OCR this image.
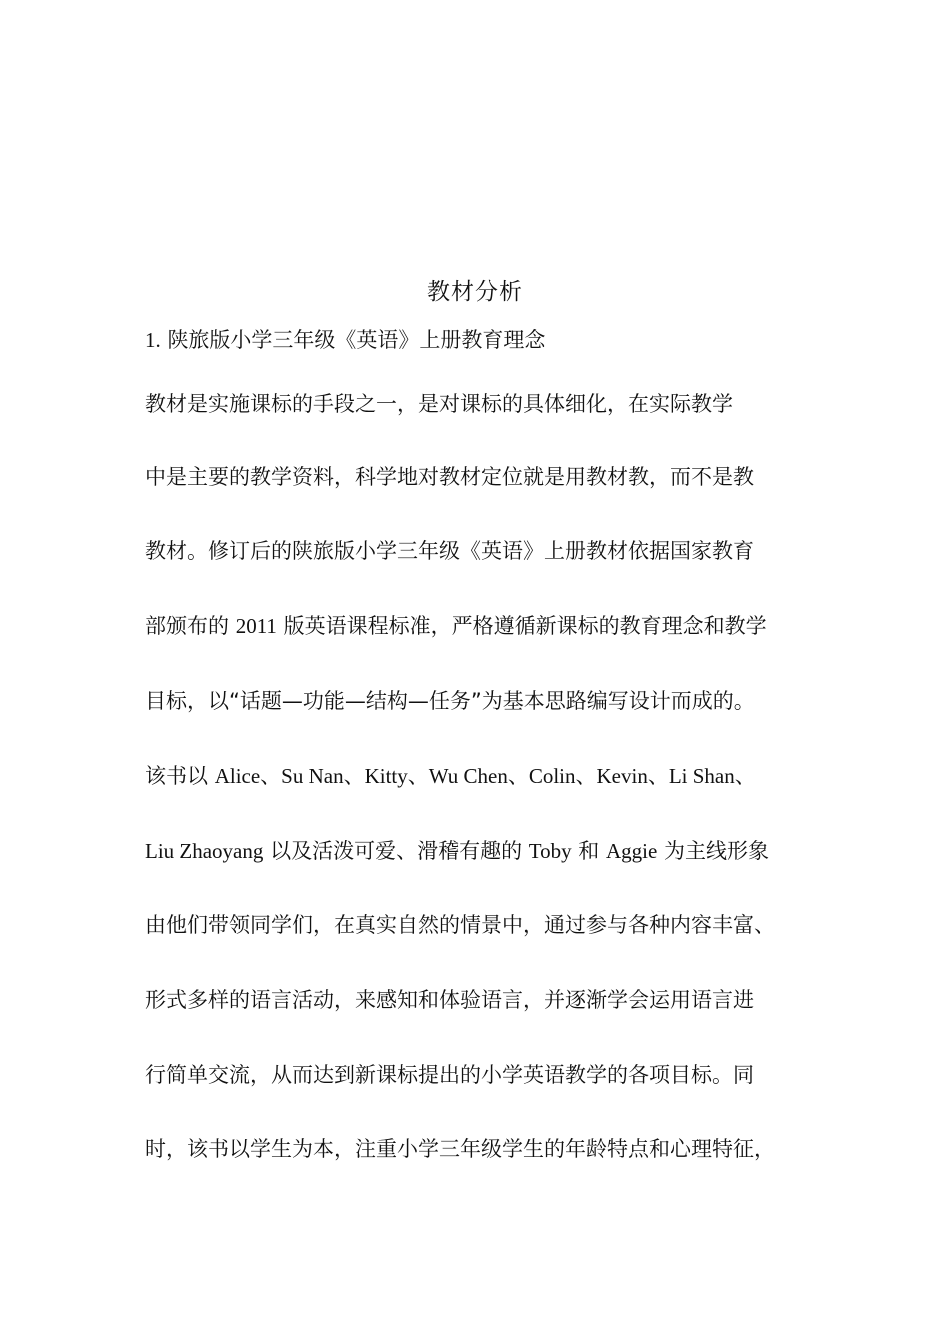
教材分析
1. 陕旅版小学三年级《英语》上册教育理念
教材是实施课标的手段之一，是对课标的具体细化，在实际教学
中是主要的教学资料，科学地对教材定位就是用教材教，而不是教
教材。修订后的陕旅版小学三年级《英语》上册教材依据国家教育
部颁布的 2011 版英语课程标准，严格遵循新课标的教育理念和教学
目标，以“话题—功能—结构—任务”为基本思路编写设计而成的。
该书以 Alice、Su Nan、Kitty、Wu Chen、Colin、Kevin、Li Shan、
Liu Zhaoyang 以及活泼可爱、滑稽有趣的 Toby 和 Aggie 为主线形象
由他们带领同学们，在真实自然的情景中，通过参与各种内容丰富、
形式多样的语言活动，来感知和体验语言，并逐渐学会运用语言进
行简单交流，从而达到新课标提出的小学英语教学的各项目标。同
时，该书以学生为本，注重小学三年级学生的年龄特点和心理特征，
